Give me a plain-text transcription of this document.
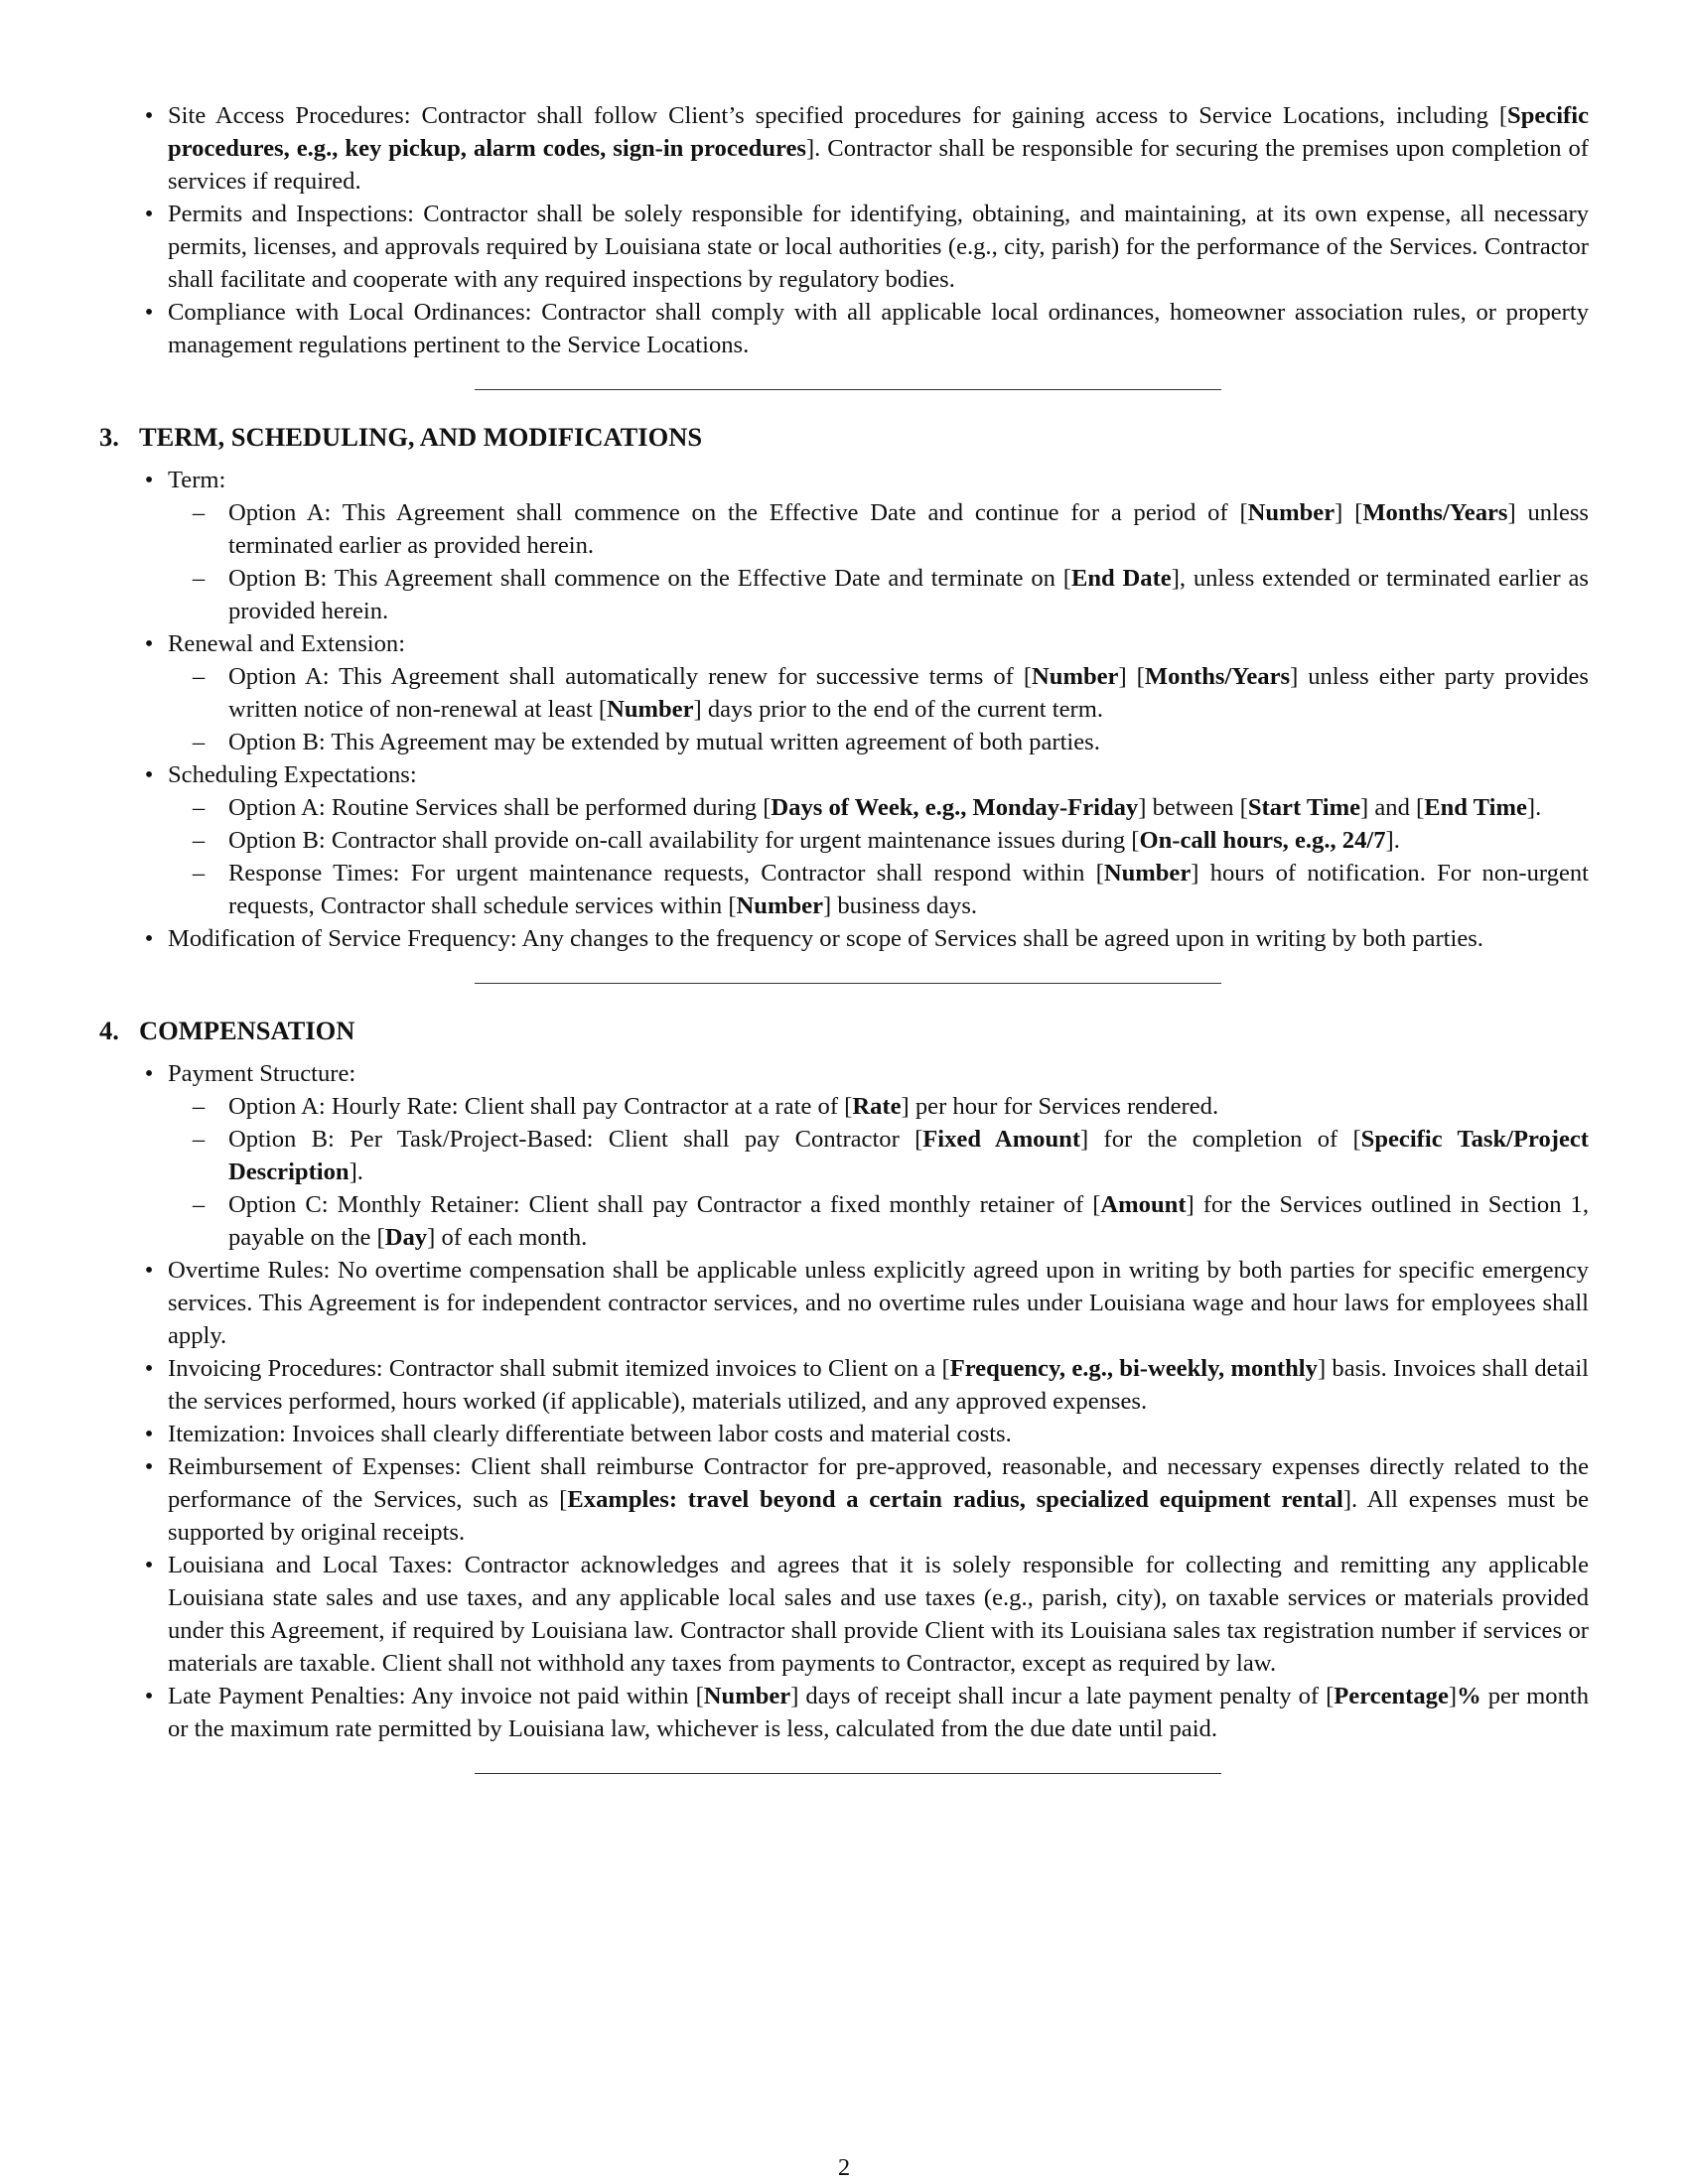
• Site Access Procedures: Contractor shall follow Client’s specified procedures for gaining access to Service Locations, including [Specific procedures, e.g., key pickup, alarm codes, sign-in procedures]. Contractor shall be responsible for securing the premises upon completion of services if required.
• Permits and Inspections: Contractor shall be solely responsible for identifying, obtaining, and maintaining, at its own expense, all necessary permits, licenses, and approvals required by Louisiana state or local authorities (e.g., city, parish) for the performance of the Services. Contractor shall facilitate and cooperate with any required inspections by regulatory bodies.
• Compliance with Local Ordinances: Contractor shall comply with all applicable local ordinances, homeowner association rules, or property management regulations pertinent to the Service Locations.
3. TERM, SCHEDULING, AND MODIFICATIONS
• Term:
– Option A: This Agreement shall commence on the Effective Date and continue for a period of [Number] [Months/Years] unless terminated earlier as provided herein.
– Option B: This Agreement shall commence on the Effective Date and terminate on [End Date], unless extended or terminated earlier as provided herein.
• Renewal and Extension:
– Option A: This Agreement shall automatically renew for successive terms of [Number] [Months/Years] unless either party provides written notice of non-renewal at least [Number] days prior to the end of the current term.
– Option B: This Agreement may be extended by mutual written agreement of both parties.
• Scheduling Expectations:
– Option A: Routine Services shall be performed during [Days of Week, e.g., Monday-Friday] between [Start Time] and [End Time].
– Option B: Contractor shall provide on-call availability for urgent maintenance issues during [On-call hours, e.g., 24/7].
– Response Times: For urgent maintenance requests, Contractor shall respond within [Number] hours of notification. For non-urgent requests, Contractor shall schedule services within [Number] business days.
• Modification of Service Frequency: Any changes to the frequency or scope of Services shall be agreed upon in writing by both parties.
4. COMPENSATION
• Payment Structure:
– Option A: Hourly Rate: Client shall pay Contractor at a rate of [Rate] per hour for Services rendered.
– Option B: Per Task/Project-Based: Client shall pay Contractor [Fixed Amount] for the completion of [Specific Task/Project Description].
– Option C: Monthly Retainer: Client shall pay Contractor a fixed monthly retainer of [Amount] for the Services outlined in Section 1, payable on the [Day] of each month.
• Overtime Rules: No overtime compensation shall be applicable unless explicitly agreed upon in writing by both parties for specific emergency services. This Agreement is for independent contractor services, and no overtime rules under Louisiana wage and hour laws for employees shall apply.
• Invoicing Procedures: Contractor shall submit itemized invoices to Client on a [Frequency, e.g., bi-weekly, monthly] basis. Invoices shall detail the services performed, hours worked (if applicable), materials utilized, and any approved expenses.
• Itemization: Invoices shall clearly differentiate between labor costs and material costs.
• Reimbursement of Expenses: Client shall reimburse Contractor for pre-approved, reasonable, and necessary expenses directly related to the performance of the Services, such as [Examples: travel beyond a certain radius, specialized equipment rental]. All expenses must be supported by original receipts.
• Louisiana and Local Taxes: Contractor acknowledges and agrees that it is solely responsible for collecting and remitting any applicable Louisiana state sales and use taxes, and any applicable local sales and use taxes (e.g., parish, city), on taxable services or materials provided under this Agreement, if required by Louisiana law. Contractor shall provide Client with its Louisiana sales tax registration number if services or materials are taxable. Client shall not withhold any taxes from payments to Contractor, except as required by law.
• Late Payment Penalties: Any invoice not paid within [Number] days of receipt shall incur a late payment penalty of [Percentage]% per month or the maximum rate permitted by Louisiana law, whichever is less, calculated from the due date until paid.
2
